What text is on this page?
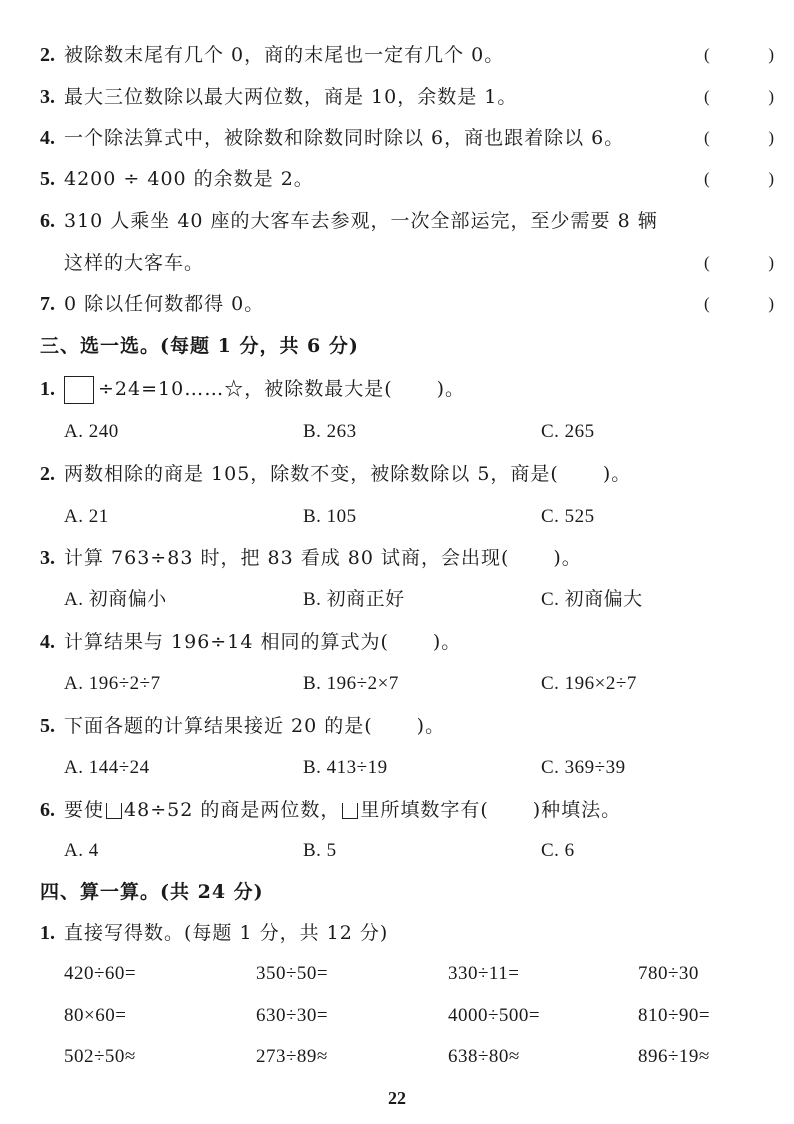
2. 被除数末尾有几个 0，商的末尾也一定有几个 0。	(	)
3. 最大三位数除以最大两位数，商是 10，余数是 1。	(	)
4. 一个除法算式中，被除数和除数同时除以 6，商也跟着除以 6。	(	)
5. 4200 ÷ 400 的余数是 2。	(	)
6. 310 人乘坐 40 座的大客车去参观，一次全部运完，至少需要 8 辆
这样的大客车。	(	)
7. 0 除以任何数都得 0。	(	)
三、选一选。(每题 1 分，共 6 分)
1.	÷24=10……☆，被除数最大是( )。
A. 240	B. 263	C. 265
2. 两数相除的商是 105，除数不变，被除数除以 5，商是( )。
A. 21	B. 105	C. 525
3. 计算 763÷83 时，把 83 看成 80 试商，会出现( )。
A. 初商偏小	B. 初商正好	C. 初商偏大
4. 计算结果与 196÷14 相同的算式为( )。
A. 196÷2÷7	B. 196÷2×7	C. 196×2÷7
5. 下面各题的计算结果接近 20 的是( )。
A. 144÷24	B. 413÷19	C. 369÷39
6. 要使 48÷52 的商是两位数， 里所填数字有( )种填法。
A. 4	B. 5	C. 6
四、算一算。(共 24 分)
1. 直接写得数。(每题 1 分，共 12 分)
420÷60=	350÷50=	330÷11=	780÷30
80×60=	630÷30=	4000÷500=	810÷90=
502÷50≈	273÷89≈	638÷80≈	896÷19≈
22
